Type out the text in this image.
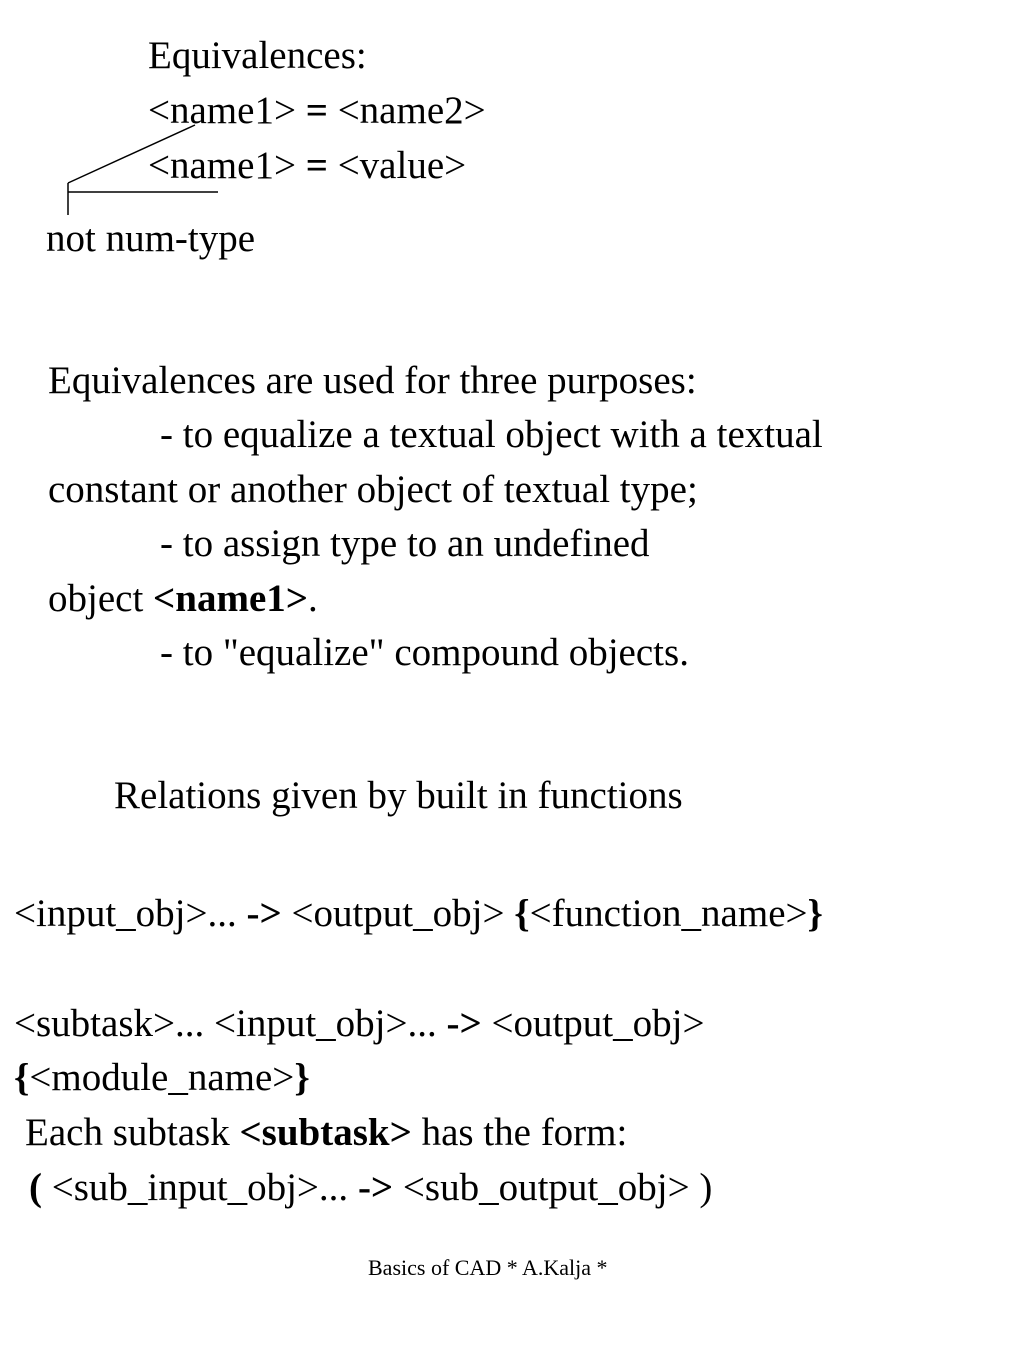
Equivalences:
<name1> = <name2>
<name1> = <value>
not num-type
Equivalences are used for three purposes:
- to equalize a textual object with a textual
constant or another object of textual type;
- to assign type to an undefined
object <name1>.
- to "equalize" compound objects.
Relations given by built in functions
<input_obj>... -> <output_obj> {<function_name>}
<subtask>... <input_obj>... -> <output_obj>
{<module_name>}
Each subtask <subtask> has the form:
( <sub_input_obj>... -> <sub_output_obj> )
Basics of CAD * A.Kalja *
